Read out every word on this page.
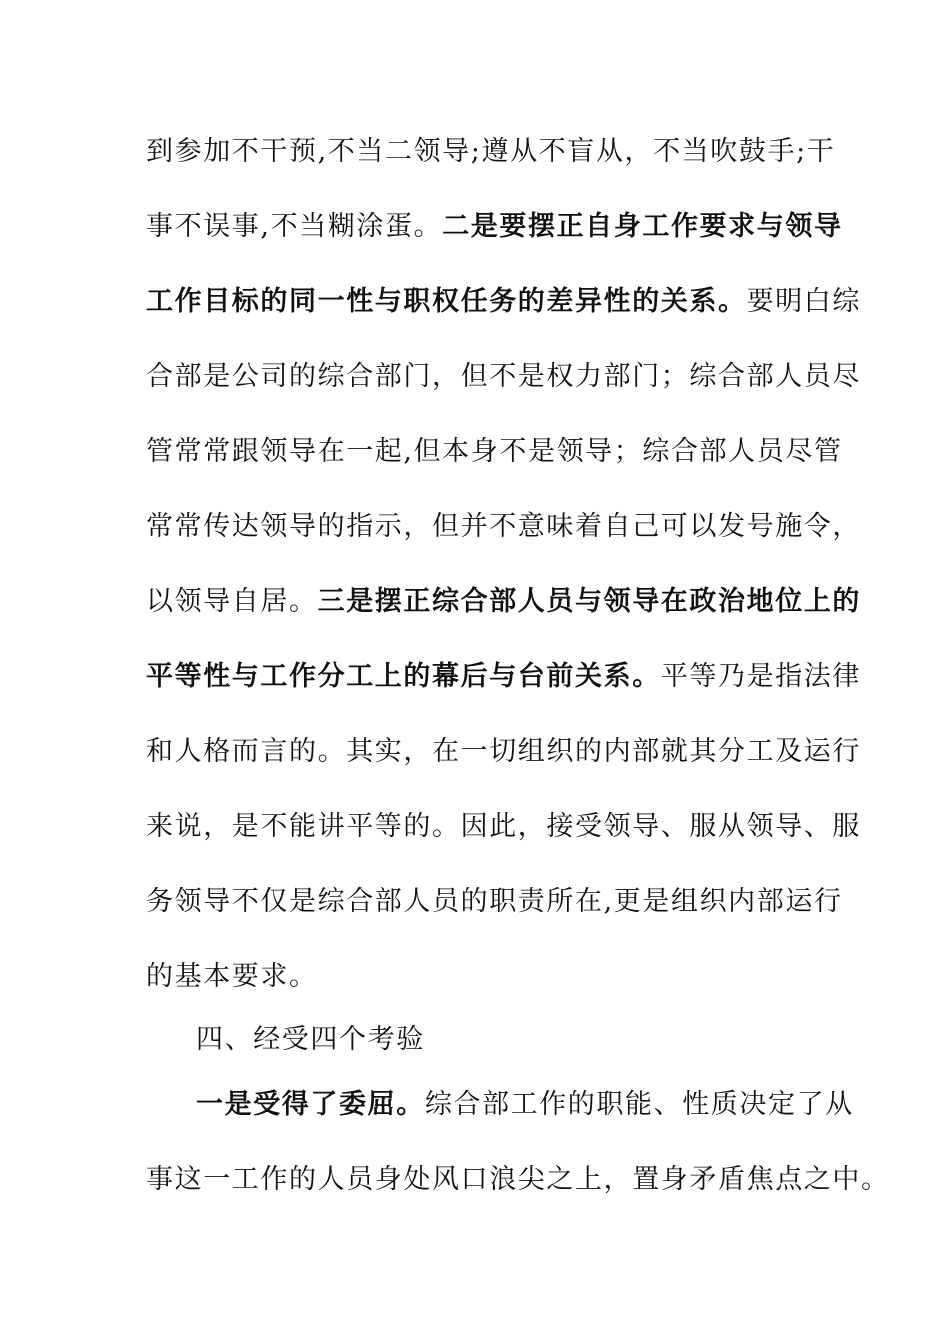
到参加不干预,不当二领导;遵从不盲从，不当吹鼓手;干
事不误事,不当糊涂蛋。二是要摆正自身工作要求与领导
工作目标的同一性与职权任务的差异性的关系。要明白综
合部是公司的综合部门，但不是权力部门；综合部人员尽
管常常跟领导在一起,但本身不是领导；综合部人员尽管
常常传达领导的指示，但并不意味着自己可以发号施令，
以领导自居。三是摆正综合部人员与领导在政治地位上的
平等性与工作分工上的幕后与台前关系。平等乃是指法律
和人格而言的。其实，在一切组织的内部就其分工及运行
来说，是不能讲平等的。因此，接受领导、服从领导、服
务领导不仅是综合部人员的职责所在,更是组织内部运行
的基本要求。
四、经受四个考验
一是受得了委屈。综合部工作的职能、性质决定了从
事这一工作的人员身处风口浪尖之上，置身矛盾焦点之中。
